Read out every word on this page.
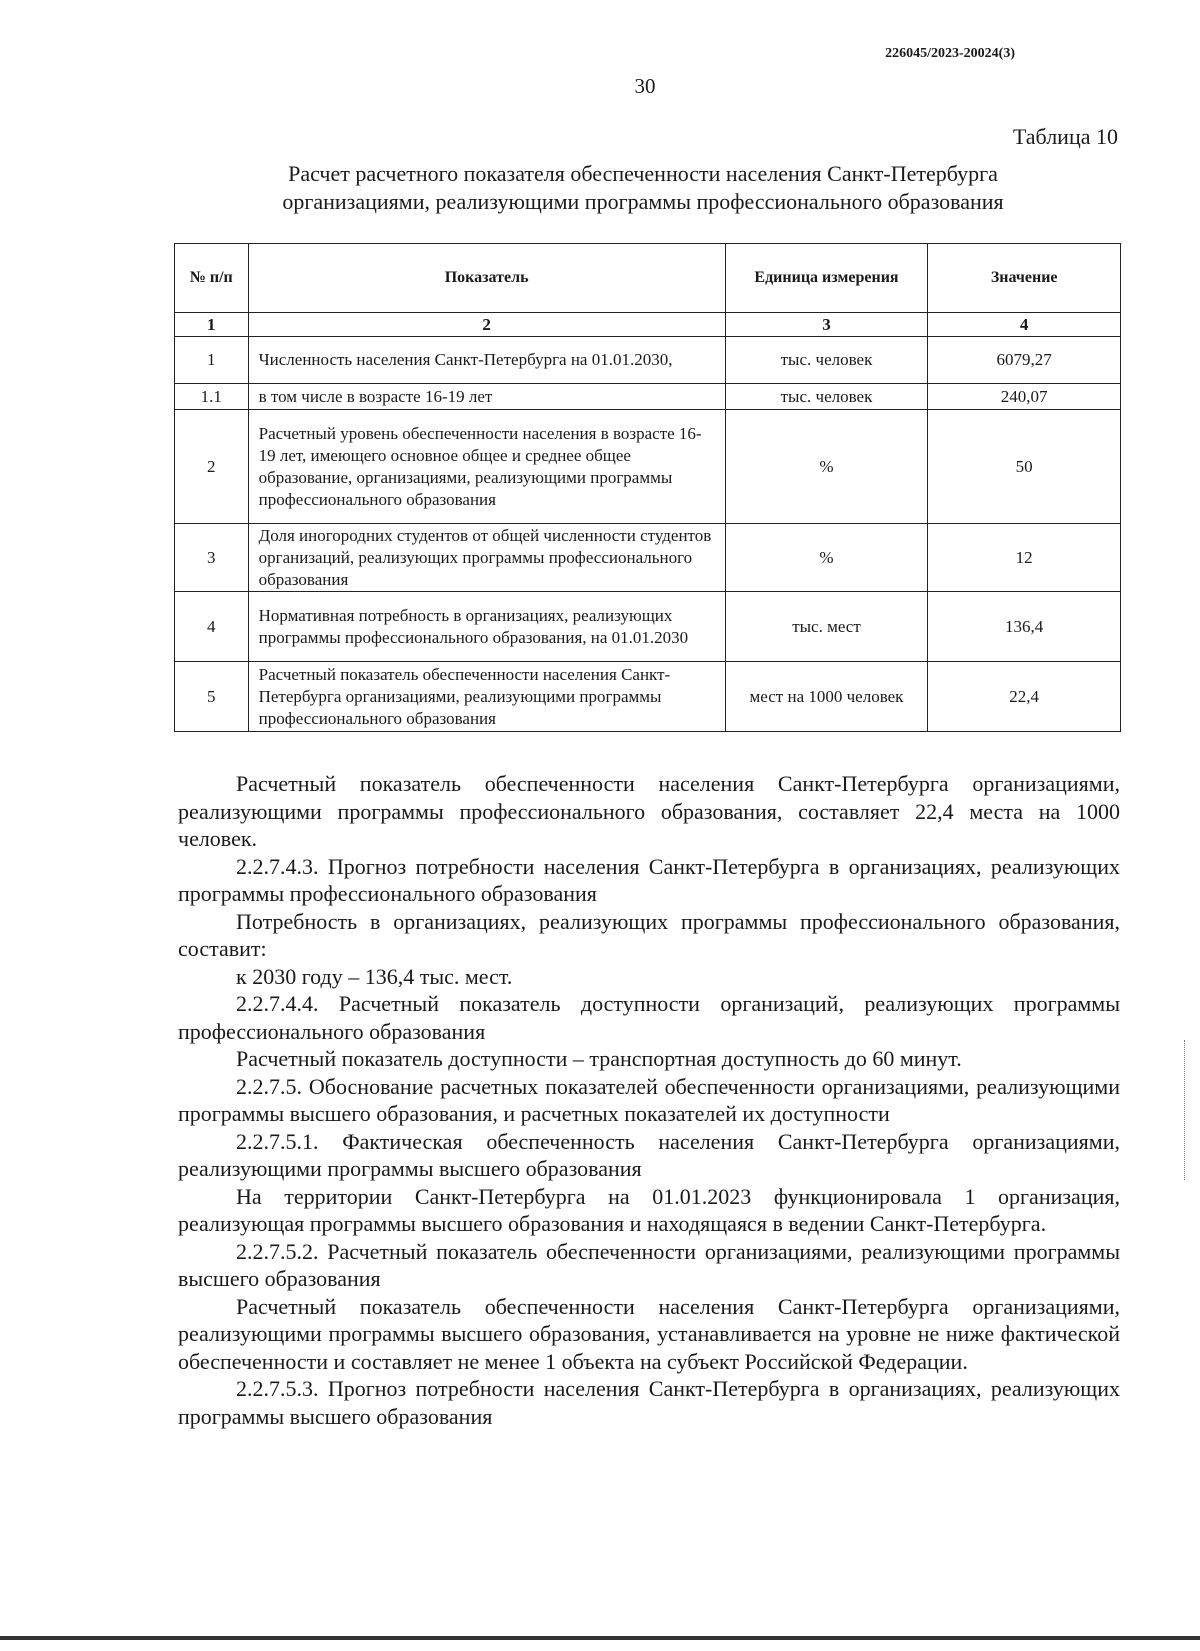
226045/2023-20024(3)
30
Таблица 10
Расчет расчетного показателя обеспеченности населения Санкт-Петербурга
организациями, реализующими программы профессионального образования
№ п/п	Показатель	Единица измерения	Значение
1	2	3	4
1	Численность населения Санкт-Петербурга на 01.01.2030,	тыс. человек	6079,27
1.1	в том числе в возрасте 16-19 лет	тыс. человек	240,07
2	Расчетный уровень обеспеченности населения в возрасте 16-19 лет, имеющего основное общее и среднее общее образование, организациями, реализующими программы профессионального образования	%	50
3	Доля иногородних студентов от общей численности студентов организаций, реализующих программы профессионального образования	%	12
4	Нормативная потребность в организациях, реализующих программы профессионального образования, на 01.01.2030	тыс. мест	136,4
5	Расчетный показатель обеспеченности населения Санкт-Петербурга организациями, реализующими программы профессионального образования	мест на 1000 человек	22,4

Расчетный показатель обеспеченности населения Санкт-Петербурга организациями, реализующими программы профессионального образования, составляет 22,4 места на 1000 человек.

2.2.7.4.3. Прогноз потребности населения Санкт-Петербурга в организациях, реализующих программы профессионального образования

Потребность в организациях, реализующих программы профессионального образования, составит:

к 2030 году – 136,4 тыс. мест.

2.2.7.4.4. Расчетный показатель доступности организаций, реализующих программы профессионального образования

Расчетный показатель доступности – транспортная доступность до 60 минут.

2.2.7.5. Обоснование расчетных показателей обеспеченности организациями, реализующими программы высшего образования, и расчетных показателей их доступности

2.2.7.5.1. Фактическая обеспеченность населения Санкт-Петербурга организациями, реализующими программы высшего образования

На территории Санкт-Петербурга на 01.01.2023 функционировала 1 организация, реализующая программы высшего образования и находящаяся в ведении Санкт-Петербурга.

2.2.7.5.2. Расчетный показатель обеспеченности организациями, реализующими программы высшего образования

Расчетный показатель обеспеченности населения Санкт-Петербурга организациями, реализующими программы высшего образования, устанавливается на уровне не ниже фактической обеспеченности и составляет не менее 1 объекта на субъект Российской Федерации.

2.2.7.5.3. Прогноз потребности населения Санкт-Петербурга в организациях, реализующих программы высшего образования
